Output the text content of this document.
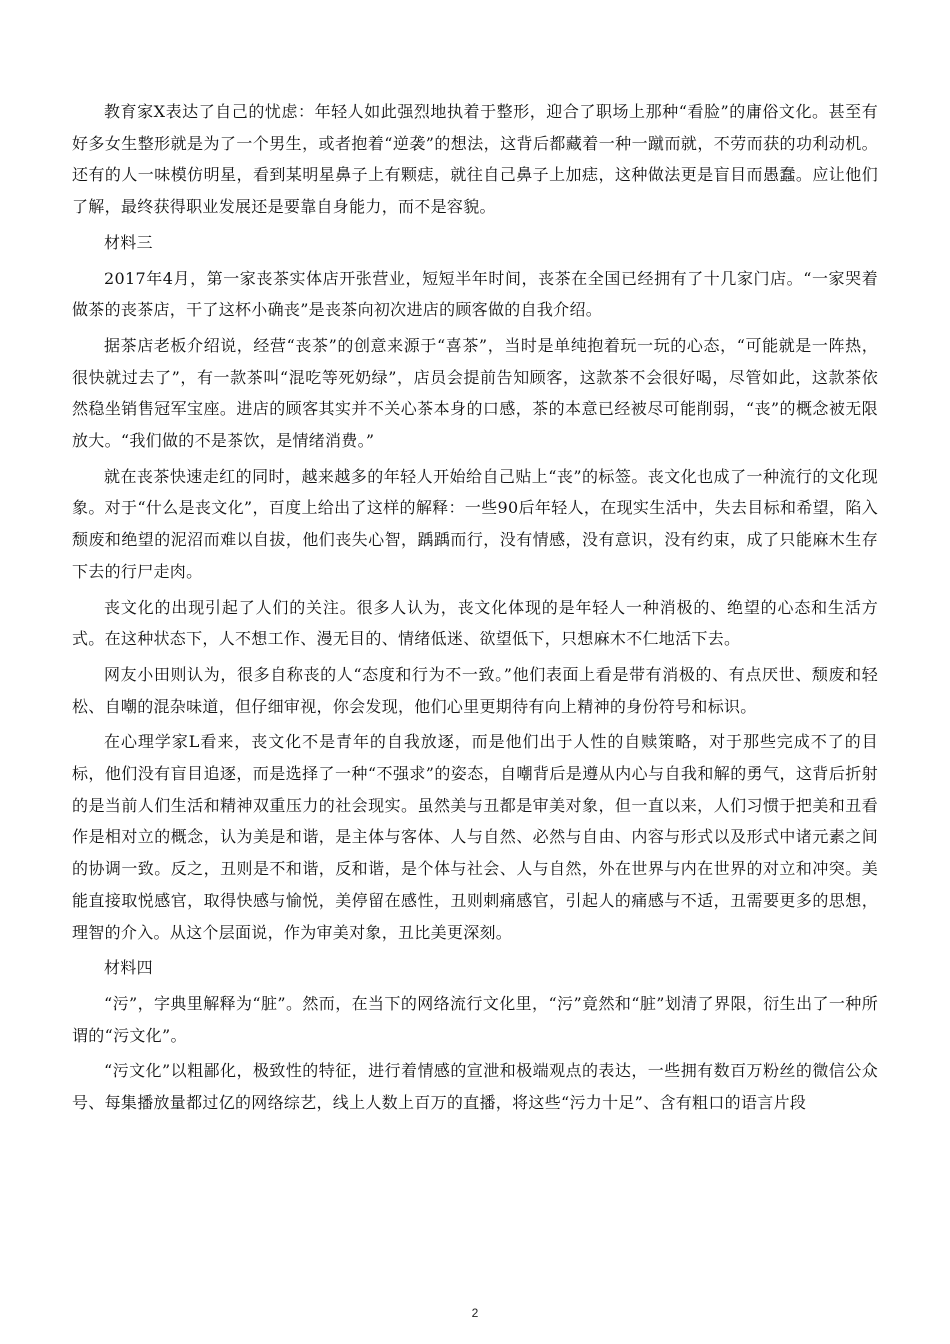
教育家X表达了自己的忧虑：年轻人如此强烈地执着于整形，迎合了职场上那种“看脸”的庸俗文化。甚至有好多女生整形就是为了一个男生，或者抱着“逆袭”的想法，这背后都藏着一种一蹴而就，不劳而获的功利动机。还有的人一味模仿明星，看到某明星鼻子上有颗痣，就往自己鼻子上加痣，这种做法更是盲目而愚蠢。应让他们了解，最终获得职业发展还是要靠自身能力，而不是容貌。

材料三

2017年4月，第一家丧茶实体店开张营业，短短半年时间，丧茶在全国已经拥有了十几家门店。“一家哭着做茶的丧茶店，干了这杯小确丧”是丧茶向初次进店的顾客做的自我介绍。

据茶店老板介绍说，经营“丧茶”的创意来源于“喜茶”，当时是单纯抱着玩一玩的心态，“可能就是一阵热，很快就过去了”，有一款茶叫“混吃等死奶绿”，店员会提前告知顾客，这款茶不会很好喝，尽管如此，这款茶依然稳坐销售冠军宝座。进店的顾客其实并不关心茶本身的口感，茶的本意已经被尽可能削弱，“丧”的概念被无限放大。“我们做的不是茶饮，是情绪消费。”

就在丧茶快速走红的同时，越来越多的年轻人开始给自己贴上“丧”的标签。丧文化也成了一种流行的文化现象。对于“什么是丧文化”，百度上给出了这样的解释：一些90后年轻人，在现实生活中，失去目标和希望，陷入颓废和绝望的泥沼而难以自拔，他们丧失心智，踽踽而行，没有情感，没有意识，没有约束，成了只能麻木生存下去的行尸走肉。

丧文化的出现引起了人们的关注。很多人认为，丧文化体现的是年轻人一种消极的、绝望的心态和生活方式。在这种状态下，人不想工作、漫无目的、情绪低迷、欲望低下，只想麻木不仁地活下去。

网友小田则认为，很多自称丧的人“态度和行为不一致。”他们表面上看是带有消极的、有点厌世、颓废和轻松、自嘲的混杂味道，但仔细审视，你会发现，他们心里更期待有向上精神的身份符号和标识。

在心理学家L看来，丧文化不是青年的自我放逐，而是他们出于人性的自赎策略，对于那些完成不了的目标，他们没有盲目追逐，而是选择了一种“不强求”的姿态，自嘲背后是遵从内心与自我和解的勇气，这背后折射的是当前人们生活和精神双重压力的社会现实。虽然美与丑都是审美对象，但一直以来，人们习惯于把美和丑看作是相对立的概念，认为美是和谐，是主体与客体、人与自然、必然与自由、内容与形式以及形式中诸元素之间的协调一致。反之，丑则是不和谐，反和谐，是个体与社会、人与自然，外在世界与内在世界的对立和冲突。美能直接取悦感官，取得快感与愉悦，美停留在感性，丑则刺痛感官，引起人的痛感与不适，丑需要更多的思想，理智的介入。从这个层面说，作为审美对象，丑比美更深刻。

材料四

“污”，字典里解释为“脏”。然而，在当下的网络流行文化里，“污”竟然和“脏”划清了界限，衍生出了一种所谓的“污文化”。

“污文化”以粗鄙化，极致性的特征，进行着情感的宣泄和极端观点的表达，一些拥有数百万粉丝的微信公众号、每集播放量都过亿的网络综艺，线上人数上百万的直播，将这些“污力十足”、含有粗口的语言片段

2
